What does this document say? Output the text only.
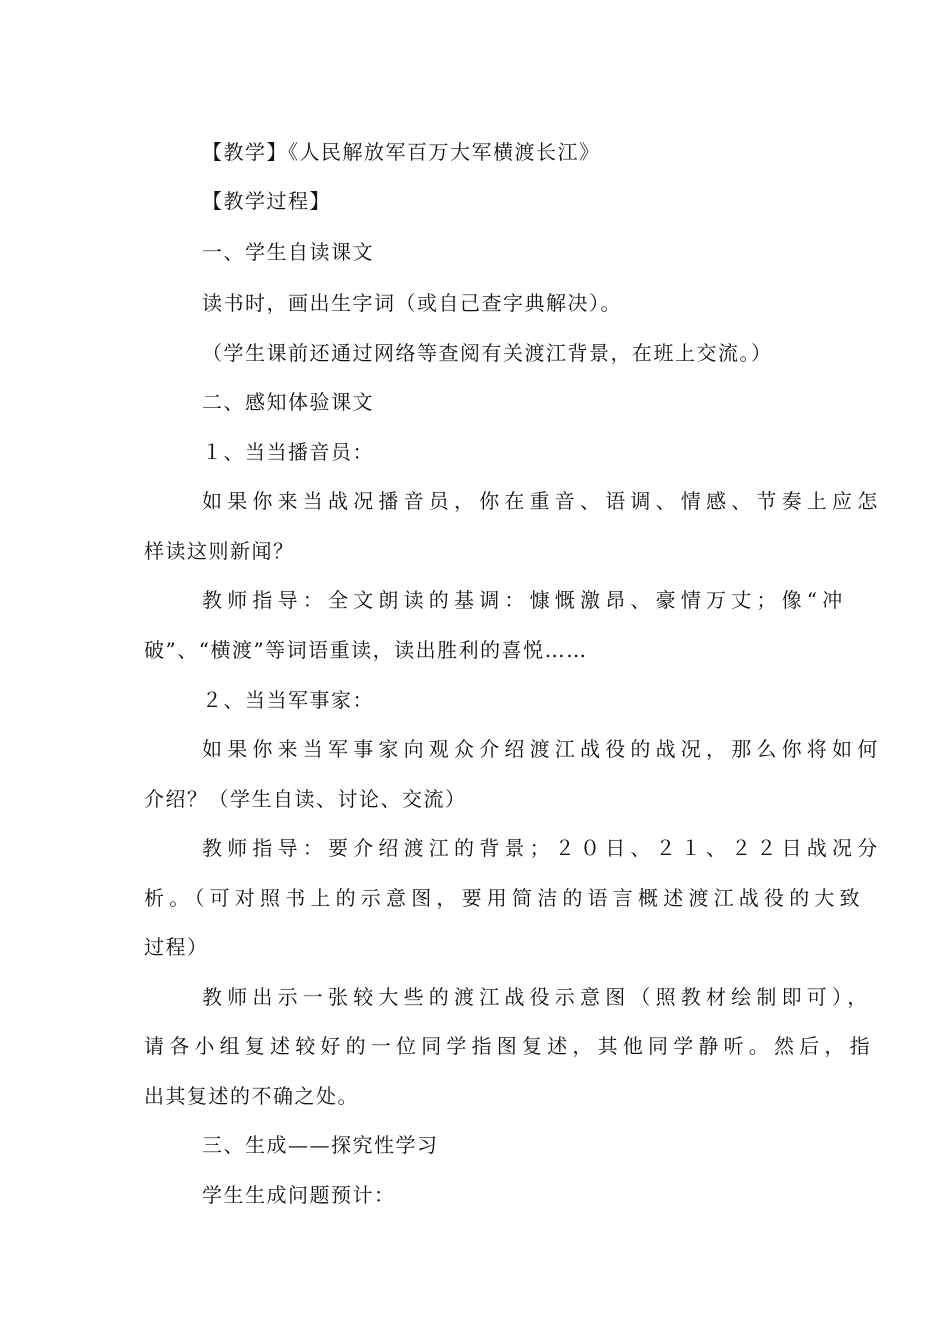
【教学】《人民解放军百万大军横渡长江》

【教学过程】

一、学生自读课文

读书时，画出生字词（或自己查字典解决）。

（学生课前还通过网络等查阅有关渡江背景，在班上交流。）

二、感知体验课文

１、当当播音员：

如果你来当战况播音员，你在重音、语调、情感、节奏上应怎

样读这则新闻？

教师指导：全文朗读的基调：慷慨激昂、豪情万丈；像“冲

破”、“横渡”等词语重读，读出胜利的喜悦……

２、当当军事家：

如果你来当军事家向观众介绍渡江战役的战况，那么你将如何

介绍？（学生自读、讨论、交流）

教师指导：要介绍渡江的背景；２０日、２１、２２日战况分

析。（可对照书上的示意图，要用简洁的语言概述渡江战役的大致

过程）

教师出示一张较大些的渡江战役示意图（照教材绘制即可），

请各小组复述较好的一位同学指图复述，其他同学静听。然后，指

出其复述的不确之处。

三、生成——探究性学习

学生生成问题预计：
